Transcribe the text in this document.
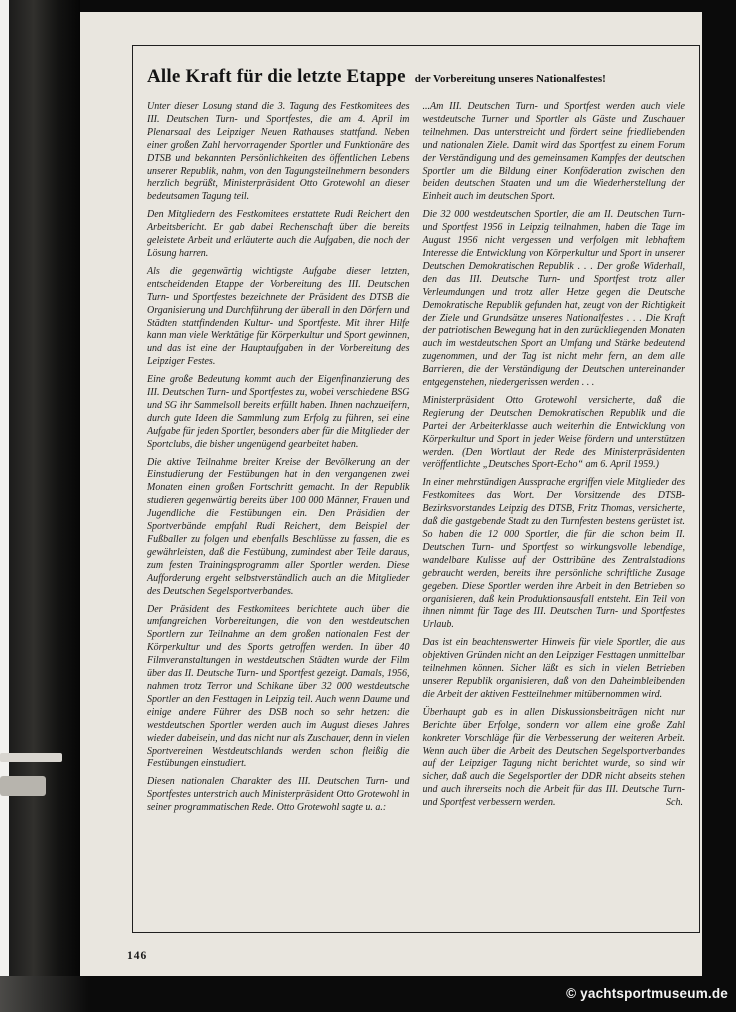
Alle Kraft für die letzte Etappe der Vorbereitung unseres Nationalfestes!

Unter dieser Losung stand die 3. Tagung des Festkomitees des III. Deutschen Turn- und Sportfestes, die am 4. April im Plenarsaal des Leipziger Neuen Rathauses stattfand. Neben einer großen Zahl hervorragender Sportler und Funktionäre des DTSB und bekannten Persönlichkeiten des öffentlichen Lebens unserer Republik, nahm, von den Tagungsteilnehmern besonders herzlich begrüßt, Ministerpräsident Otto Grotewohl an dieser bedeutsamen Tagung teil.

Den Mitgliedern des Festkomitees erstattete Rudi Reichert den Arbeitsbericht. Er gab dabei Rechenschaft über die bereits geleistete Arbeit und erläuterte auch die Aufgaben, die noch der Lösung harren.

Als die gegenwärtig wichtigste Aufgabe dieser letzten, entscheidenden Etappe der Vorbereitung des III. Deutschen Turn- und Sportfestes bezeichnete der Präsident des DTSB die Organisierung und Durchführung der überall in den Dörfern und Städten stattfindenden Kultur- und Sportfeste. Mit ihrer Hilfe kann man viele Werktätige für Körperkultur und Sport gewinnen, und das ist eine der Hauptaufgaben in der Vorbereitung des Leipziger Festes.

Eine große Bedeutung kommt auch der Eigenfinanzierung des III. Deutschen Turn- und Sportfestes zu, wobei verschiedene BSG und SG ihr Sammelsoll bereits erfüllt haben. Ihnen nachzueifern, durch gute Ideen die Sammlung zum Erfolg zu führen, sei eine Aufgabe für jeden Sportler, besonders aber für die Mitglieder der Sportclubs, die bisher ungenügend gearbeitet haben.

Die aktive Teilnahme breiter Kreise der Bevölkerung an der Einstudierung der Festübungen hat in den vergangenen zwei Monaten einen großen Fortschritt gemacht. In der Republik studieren gegenwärtig bereits über 100 000 Männer, Frauen und Jugendliche die Festübungen ein. Den Präsidien der Sportverbände empfahl Rudi Reichert, dem Beispiel der Fußballer zu folgen und ebenfalls Beschlüsse zu fassen, die es gewährleisten, daß die Festübung, zumindest aber Teile daraus, zum festen Trainingsprogramm aller Sportler werden. Diese Aufforderung ergeht selbstverständlich auch an die Mitglieder des Deutschen Segelsportverbandes.

Der Präsident des Festkomitees berichtete auch über die umfangreichen Vorbereitungen, die von den westdeutschen Sportlern zur Teilnahme an dem großen nationalen Fest der Körperkultur und des Sports getroffen werden. In über 40 Filmveranstaltungen in westdeutschen Städten wurde der Film über das II. Deutsche Turn- und Sportfest gezeigt. Damals, 1956, nahmen trotz Terror und Schikane über 32 000 westdeutsche Sportler an den Festtagen in Leipzig teil. Auch wenn Daume und einige andere Führer des DSB noch so sehr hetzen: die westdeutschen Sportler werden auch im August dieses Jahres wieder dabeisein, und das nicht nur als Zuschauer, denn in vielen Sportvereinen Westdeutschlands werden schon fleißig die Festübungen einstudiert.

Diesen nationalen Charakter des III. Deutschen Turn- und Sportfestes unterstrich auch Ministerpräsident Otto Grotewohl in seiner programmatischen Rede. Otto Grotewohl sagte u. a.:

...Am III. Deutschen Turn- und Sportfest werden auch viele westdeutsche Turner und Sportler als Gäste und Zuschauer teilnehmen. Das unterstreicht und fördert seine friedliebenden und nationalen Ziele. Damit wird das Sportfest zu einem Forum der Verständigung und des gemeinsamen Kampfes der deutschen Sportler um die Bildung einer Konföderation zwischen den beiden deutschen Staaten und um die Wiederherstellung der Einheit auch im deutschen Sport.

Die 32 000 westdeutschen Sportler, die am II. Deutschen Turn- und Sportfest 1956 in Leipzig teilnahmen, haben die Tage im August 1956 nicht vergessen und verfolgen mit lebhaftem Interesse die Entwicklung von Körperkultur und Sport in unserer Deutschen Demokratischen Republik . . . Der große Widerhall, den das III. Deutsche Turn- und Sportfest trotz aller Verleumdungen und trotz aller Hetze gegen die Deutsche Demokratische Republik gefunden hat, zeugt von der Richtigkeit der Ziele und Grundsätze unseres Nationalfestes . . . Die Kraft der patriotischen Bewegung hat in den zurückliegenden Monaten auch im westdeutschen Sport an Umfang und Stärke bedeutend zugenommen, und der Tag ist nicht mehr fern, an dem alle Barrieren, die der Verständigung der Deutschen untereinander entgegenstehen, niedergerissen werden . . .

Ministerpräsident Otto Grotewohl versicherte, daß die Regierung der Deutschen Demokratischen Republik und die Partei der Arbeiterklasse auch weiterhin die Entwicklung von Körperkultur und Sport in jeder Weise fördern und unterstützen werden. (Den Wortlaut der Rede des Ministerpräsidenten veröffentlichte „Deutsches Sport-Echo“ am 6. April 1959.)

In einer mehrstündigen Aussprache ergriffen viele Mitglieder des Festkomitees das Wort. Der Vorsitzende des DTSB-Bezirksvorstandes Leipzig des DTSB, Fritz Thomas, versicherte, daß die gastgebende Stadt zu den Turnfesten bestens gerüstet ist. So haben die 12 000 Sportler, die für die schon beim II. Deutschen Turn- und Sportfest so wirkungsvolle lebendige, wandelbare Kulisse auf der Osttribüne des Zentralstadions gebraucht werden, bereits ihre persönliche schriftliche Zusage gegeben. Diese Sportler werden ihre Arbeit in den Betrieben so organisieren, daß kein Produktionsausfall entsteht. Ein Teil von ihnen nimmt für Tage des III. Deutschen Turn- und Sportfestes Urlaub.

Das ist ein beachtenswerter Hinweis für viele Sportler, die aus objektiven Gründen nicht an den Leipziger Festtagen unmittelbar teilnehmen können. Sicher läßt es sich in vielen Betrieben unserer Republik organisieren, daß von den Daheimbleibenden die Arbeit der aktiven Festteilnehmer mitübernommen wird.

Überhaupt gab es in allen Diskussionsbeiträgen nicht nur Berichte über Erfolge, sondern vor allem eine große Zahl konkreter Vorschläge für die Verbesserung der weiteren Arbeit. Wenn auch über die Arbeit des Deutschen Segelsportverbandes auf der Leipziger Tagung nicht berichtet wurde, so sind wir sicher, daß auch die Segelsportler der DDR nicht abseits stehen und auch ihrerseits noch die Arbeit für das III. Deutsche Turn- und Sportfest verbessern werden.	Sch.
146
© yachtsportmuseum.de
